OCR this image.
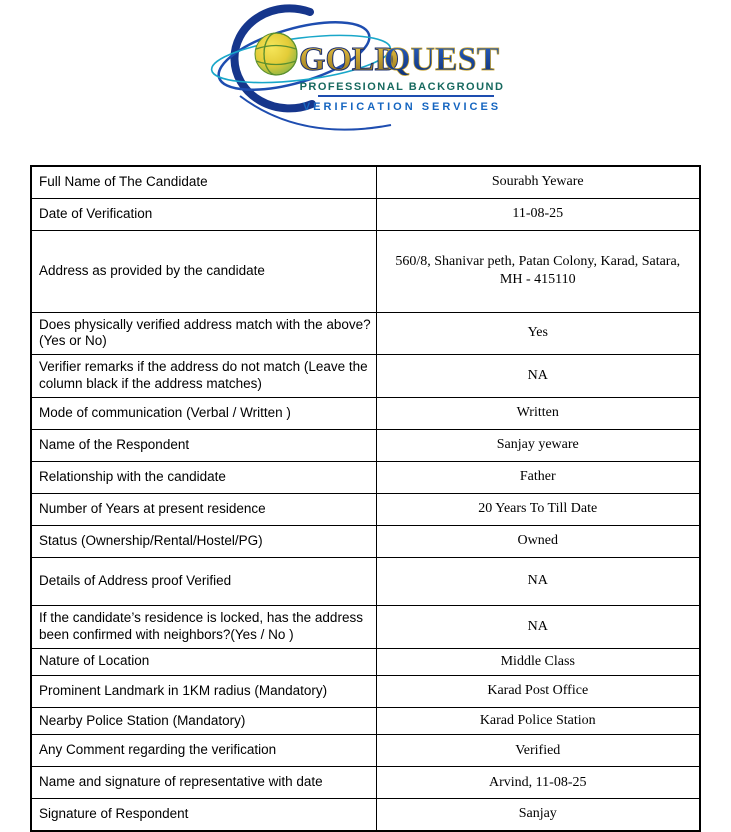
GOLD
QUEST
PROFESSIONAL BACKGROUND
VERIFICATION SERVICES
Full Name of The Candidate	Sourabh Yeware
Date of Verification	11-08-25
Address as provided by the candidate	560/8, Shanivar peth, Patan Colony, Karad, Satara, MH - 415110
Does physically verified address match with the above? (Yes or No)	Yes
Verifier remarks if the address do not match (Leave the column black if the address matches)	NA
Mode of communication (Verbal / Written )	Written
Name of the Respondent	Sanjay yeware
Relationship with the candidate	Father
Number of Years at present residence	20 Years To Till Date
Status (Ownership/Rental/Hostel/PG)	Owned
Details of Address proof Verified	NA
If the candidate’s residence is locked, has the address been confirmed with neighbors?(Yes / No )	NA
Nature of Location	Middle Class
Prominent Landmark in 1KM radius (Mandatory)	Karad Post Office
Nearby Police Station (Mandatory)	Karad Police Station
Any Comment regarding the verification	Verified
Name and signature of representative with date	Arvind, 11-08-25
Signature of Respondent	Sanjay
